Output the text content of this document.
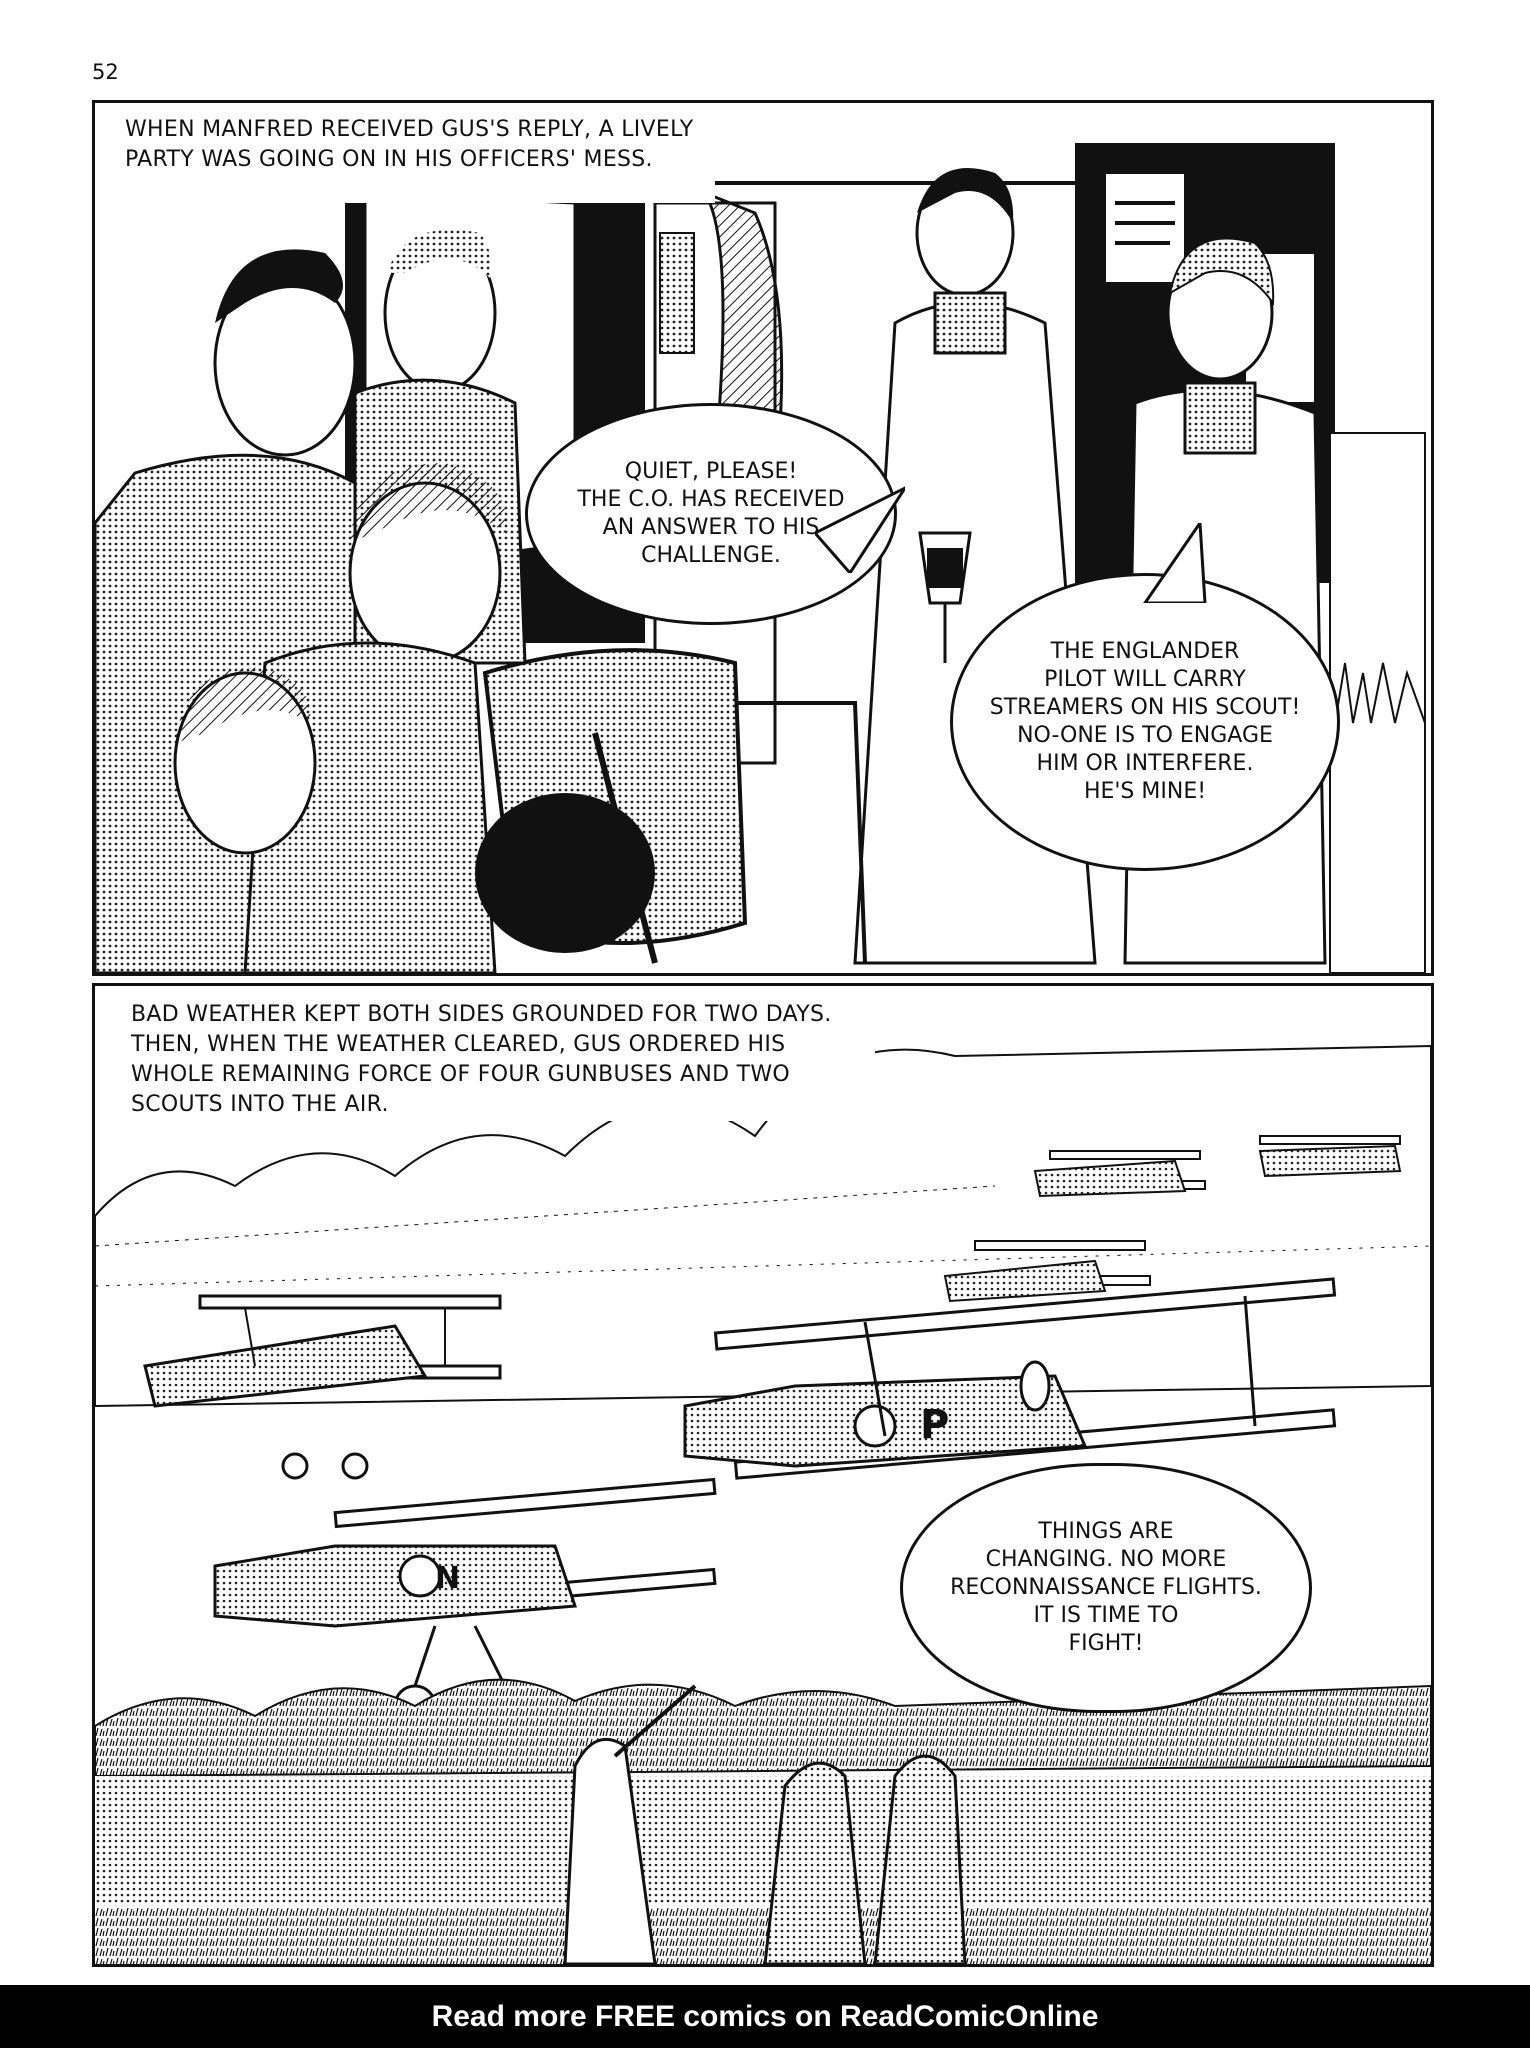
52
WHEN MANFRED RECEIVED GUS'S REPLY, A LIVELY PARTY WAS GOING ON IN HIS OFFICERS' MESS.
QUIET, PLEASE!
THE C.O. HAS RECEIVED
AN ANSWER TO HIS
CHALLENGE.
THE ENGLANDER
PILOT WILL CARRY
STREAMERS ON HIS SCOUT!
NO-ONE IS TO ENGAGE
HIM OR INTERFERE.
HE'S MINE!
N
P
BAD WEATHER KEPT BOTH SIDES GROUNDED FOR TWO DAYS. THEN, WHEN THE WEATHER CLEARED, GUS ORDERED HIS WHOLE REMAINING FORCE OF FOUR GUNBUSES AND TWO SCOUTS INTO THE AIR.
THINGS ARE
CHANGING. NO MORE
RECONNAISSANCE FLIGHTS.
IT IS TIME TO
FIGHT!
Read more FREE comics on ReadComicOnline
